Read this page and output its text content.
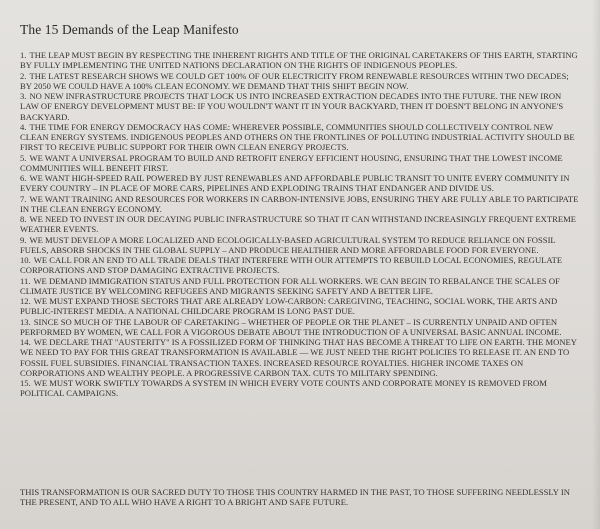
The 15 Demands of the Leap Manifesto
1. THE LEAP MUST BEGIN BY RESPECTING THE INHERENT RIGHTS AND TITLE OF THE ORIGINAL CARETAKERS OF THIS EARTH, STARTING BY FULLY IMPLEMENTING THE UNITED NATIONS DECLARATION ON THE RIGHTS OF INDIGENOUS PEOPLES.
2. THE LATEST RESEARCH SHOWS WE COULD GET 100% OF OUR ELECTRICITY FROM RENEWABLE RESOURCES WITHIN TWO DECADES; BY 2050 WE COULD HAVE A 100% CLEAN ECONOMY. WE DEMAND THAT THIS SHIFT BEGIN NOW.
3. NO NEW INFRASTRUCTURE PROJECTS THAT LOCK US INTO INCREASED EXTRACTION DECADES INTO THE FUTURE. THE NEW IRON LAW OF ENERGY DEVELOPMENT MUST BE: IF YOU WOULDN'T WANT IT IN YOUR BACKYARD, THEN IT DOESN'T BELONG IN ANYONE'S BACKYARD.
4. THE TIME FOR ENERGY DEMOCRACY HAS COME: WHEREVER POSSIBLE, COMMUNITIES SHOULD COLLECTIVELY CONTROL NEW CLEAN ENERGY SYSTEMS. INDIGENOUS PEOPLES AND OTHERS ON THE FRONTLINES OF POLLUTING INDUSTRIAL ACTIVITY SHOULD BE FIRST TO RECEIVE PUBLIC SUPPORT FOR THEIR OWN CLEAN ENERGY PROJECTS.
5. WE WANT A UNIVERSAL PROGRAM TO BUILD AND RETROFIT ENERGY EFFICIENT HOUSING, ENSURING THAT THE LOWEST INCOME COMMUNITIES WILL BENEFIT FIRST.
6. WE WANT HIGH-SPEED RAIL POWERED BY JUST RENEWABLES AND AFFORDABLE PUBLIC TRANSIT TO UNITE EVERY COMMUNITY IN EVERY COUNTRY – IN PLACE OF MORE CARS, PIPELINES AND EXPLODING TRAINS THAT ENDANGER AND DIVIDE US.
7. WE WANT TRAINING AND RESOURCES FOR WORKERS IN CARBON-INTENSIVE JOBS, ENSURING THEY ARE FULLY ABLE TO PARTICIPATE IN THE CLEAN ENERGY ECONOMY.
8. WE NEED TO INVEST IN OUR DECAYING PUBLIC INFRASTRUCTURE SO THAT IT CAN WITHSTAND INCREASINGLY FREQUENT EXTREME WEATHER EVENTS.
9. WE MUST DEVELOP A MORE LOCALIZED AND ECOLOGICALLY-BASED AGRICULTURAL SYSTEM TO REDUCE RELIANCE ON FOSSIL FUELS, ABSORB SHOCKS IN THE GLOBAL SUPPLY – AND PRODUCE HEALTHIER AND MORE AFFORDABLE FOOD FOR EVERYONE.
10. WE CALL FOR AN END TO ALL TRADE DEALS THAT INTERFERE WITH OUR ATTEMPTS TO REBUILD LOCAL ECONOMIES, REGULATE CORPORATIONS AND STOP DAMAGING EXTRACTIVE PROJECTS.
11. WE DEMAND IMMIGRATION STATUS AND FULL PROTECTION FOR ALL WORKERS. WE CAN BEGIN TO REBALANCE THE SCALES OF CLIMATE JUSTICE BY WELCOMING REFUGEES AND MIGRANTS SEEKING SAFETY AND A BETTER LIFE.
12. WE MUST EXPAND THOSE SECTORS THAT ARE ALREADY LOW-CARBON: CAREGIVING, TEACHING, SOCIAL WORK, THE ARTS AND PUBLIC-INTEREST MEDIA. A NATIONAL CHILDCARE PROGRAM IS LONG PAST DUE.
13. SINCE SO MUCH OF THE LABOUR OF CARETAKING – WHETHER OF PEOPLE OR THE PLANET – IS CURRENTLY UNPAID AND OFTEN PERFORMED BY WOMEN, WE CALL FOR A VIGOROUS DEBATE ABOUT THE INTRODUCTION OF A UNIVERSAL BASIC ANNUAL INCOME.
14. WE DECLARE THAT "AUSTERITY" IS A FOSSILIZED FORM OF THINKING THAT HAS BECOME A THREAT TO LIFE ON EARTH. THE MONEY WE NEED TO PAY FOR THIS GREAT TRANSFORMATION IS AVAILABLE — WE JUST NEED THE RIGHT POLICIES TO RELEASE IT. AN END TO FOSSIL FUEL SUBSIDIES. FINANCIAL TRANSACTION TAXES. INCREASED RESOURCE ROYALTIES. HIGHER INCOME TAXES ON CORPORATIONS AND WEALTHY PEOPLE. A PROGRESSIVE CARBON TAX. CUTS TO MILITARY SPENDING.
15. WE MUST WORK SWIFTLY TOWARDS A SYSTEM IN WHICH EVERY VOTE COUNTS AND CORPORATE MONEY IS REMOVED FROM POLITICAL CAMPAIGNS.

THIS TRANSFORMATION IS OUR SACRED DUTY TO THOSE THIS COUNTRY HARMED IN THE PAST, TO THOSE SUFFERING NEEDLESSLY IN THE PRESENT, AND TO ALL WHO HAVE A RIGHT TO A BRIGHT AND SAFE FUTURE.
